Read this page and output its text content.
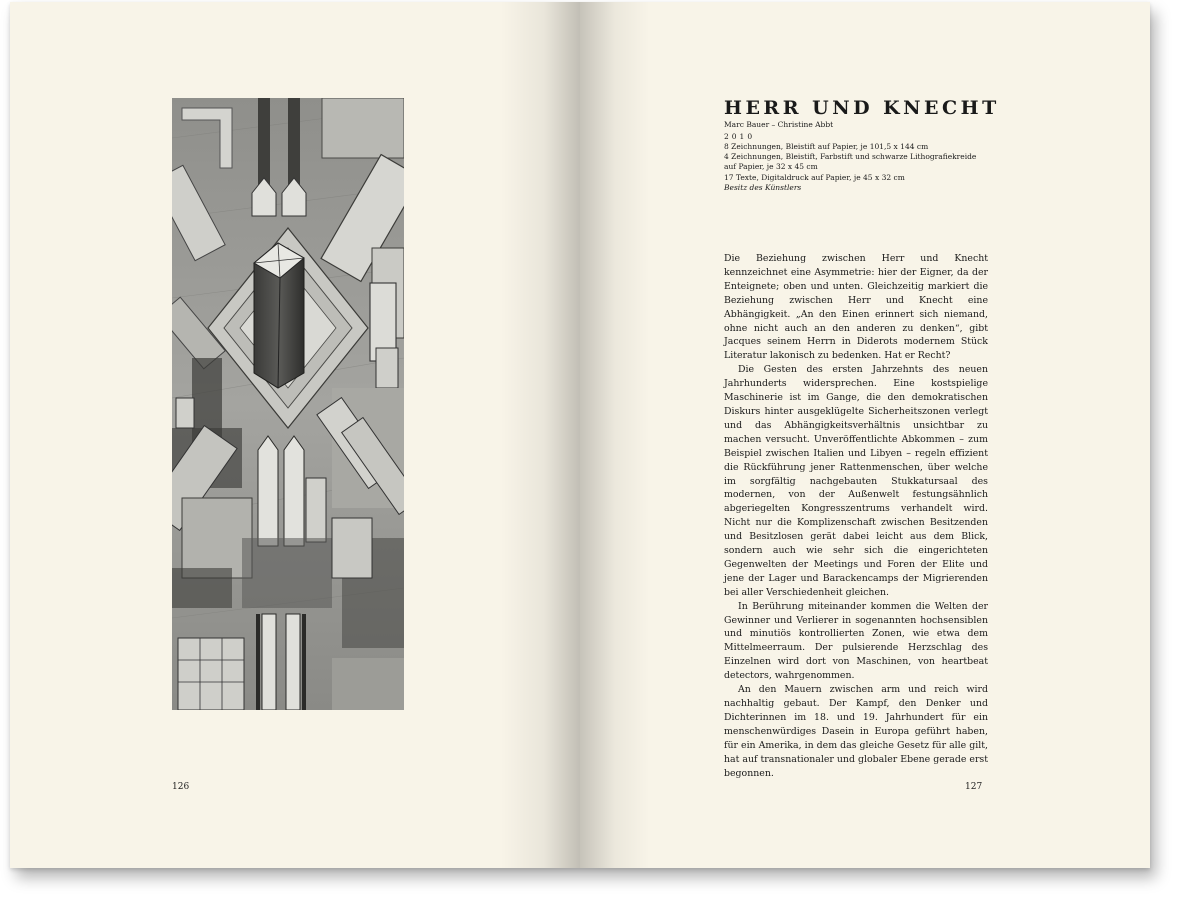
126
HERR UND KNECHT
Marc Bauer – Christine Abbt
2010
8 Zeichnungen, Bleistift auf Papier, je 101,5 x 144 cm
4 Zeichnungen, Bleistift, Farbstift und schwarze Lithografiekreide
auf Papier, je 32 x 45 cm
17 Texte, Digitaldruck auf Papier, je 45 x 32 cm
Besitz des Künstlers

Die Beziehung zwischen Herr und Knecht kennzeichnet eine Asymmetrie: hier der Eigner, da der Enteignete; oben und unten. Gleichzeitig markiert die Beziehung zwischen Herr und Knecht eine Abhängigkeit. „An den Einen erinnert sich niemand, ohne nicht auch an den anderen zu denken“, gibt Jacques seinem Herrn in Diderots modernem Stück Literatur lakonisch zu bedenken. Hat er Recht?

Die Gesten des ersten Jahrzehnts des neuen Jahrhunderts widersprechen. Eine kostspielige Maschinerie ist im Gange, die den demokratischen Diskurs hinter ausgeklügelte Sicherheitszonen verlegt und das Abhängigkeitsverhältnis unsichtbar zu machen versucht. Unveröffentlichte Abkommen – zum Beispiel zwischen Italien und Libyen – regeln effizient die Rückführung jener Rattenmenschen, über welche im sorgfältig nachgebauten Stukkatursaal des modernen, von der Außenwelt festungsähnlich abgeriegelten Kongresszentrums verhandelt wird. Nicht nur die Komplizenschaft zwischen Besitzenden und Besitzlosen gerät dabei leicht aus dem Blick, sondern auch wie sehr sich die eingerichteten Gegenwelten der Meetings und Foren der Elite und jene der Lager und Barackencamps der Migrierenden bei aller Verschiedenheit gleichen.

In Berührung miteinander kommen die Welten der Gewinner und Verlierer in sogenannten hochsensiblen und minutiös kontrollierten Zonen, wie etwa dem Mittelmeerraum. Der pulsierende Herzschlag des Einzelnen wird dort von Maschinen, von heartbeat detectors, wahrgenommen.

An den Mauern zwischen arm und reich wird nachhaltig gebaut. Der Kampf, den Denker und Dichterinnen im 18. und 19. Jahrhundert für ein menschenwürdiges Dasein in Europa geführt haben, für ein Amerika, in dem das gleiche Gesetz für alle gilt, hat auf transnationaler und globaler Ebene gerade erst begonnen.

127
